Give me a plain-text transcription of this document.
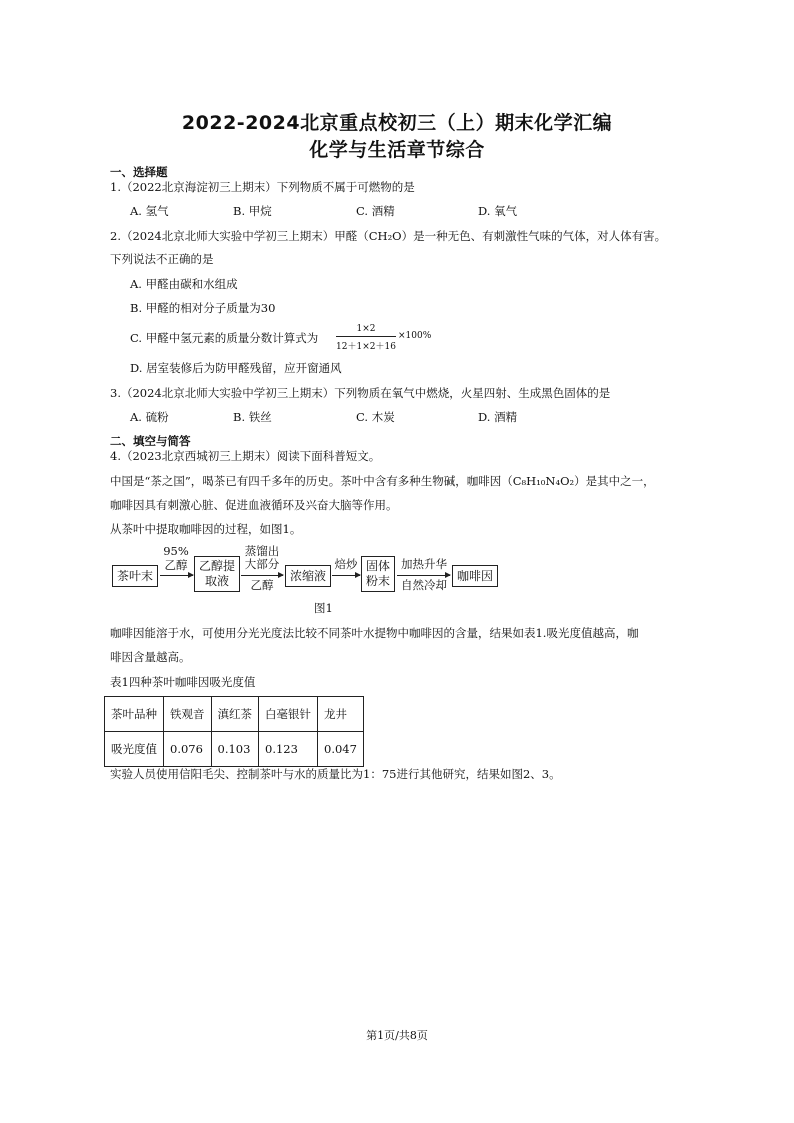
2022-2024北京重点校初三（上）期末化学汇编
化学与生活章节综合
一、选择题
1.（2022北京海淀初三上期末）下列物质不属于可燃物的是
A. 氢气	B. 甲烷	C. 酒精	D. 氧气
2.（2024北京北师大实验中学初三上期末）甲醛（CH₂O）是一种无色、有刺激性气味的气体，对人体有害。
下列说法不正确的是
A. 甲醛由碳和水组成
B. 甲醛的相对分子质量为30
C. 甲醛中氢元素的质量分数计算式为
1×2
12＋1×2＋16
×100%
D. 居室装修后为防甲醛残留，应开窗通风
3.（2024北京北师大实验中学初三上期末）下列物质在氧气中燃烧，火星四射、生成黑色固体的是
A. 硫粉	B. 铁丝	C. 木炭	D. 酒精
二、填空与简答
4.（2023北京西城初三上期末）阅读下面科普短文。
中国是“茶之国”，喝茶已有四千多年的历史。茶叶中含有多种生物碱，咖啡因（C₈H₁₀N₄O₂）是其中之一，
咖啡因具有刺激心脏、促进血液循环及兴奋大脑等作用。
从茶叶中提取咖啡因的过程，如图1。
茶叶末
95%
乙醇 乙醇提
取液
蒸馏出
大部分
乙醇
浓缩液
焙炒 固体
粉末
加热升华
自然冷却
咖啡因
图1
咖啡因能溶于水，可使用分光光度法比较不同茶叶水提物中咖啡因的含量，结果如表1.吸光度值越高，咖
啡因含量越高。
表1四种茶叶咖啡因吸光度值
茶叶品种	铁观音	滇红茶	白毫银针	龙井
吸光度值	0.076	0.103	0.123	0.047
实验人员使用信阳毛尖、控制茶叶与水的质量比为1：75进行其他研究，结果如图2、3。
第1页/共8页
